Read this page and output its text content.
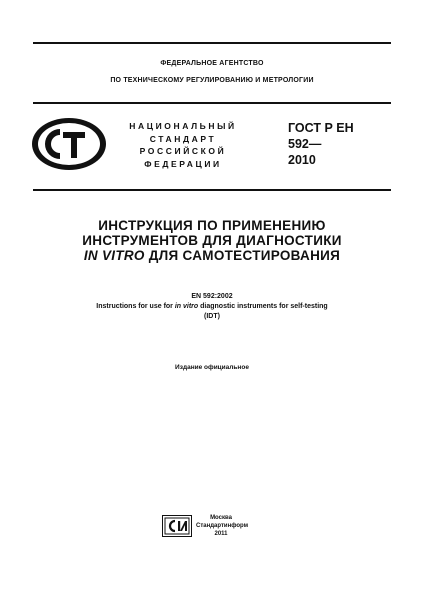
ФЕДЕРАЛЬНОЕ АГЕНТСТВО
ПО ТЕХНИЧЕСКОМУ РЕГУЛИРОВАНИЮ И МЕТРОЛОГИИ
НАЦИОНАЛЬНЫЙ
СТАНДАРТ
РОССИЙСКОЙ
ФЕДЕРАЦИИ
ГОСТ Р ЕН
592—
2010
ИНСТРУКЦИЯ ПО ПРИМЕНЕНИЮ
ИНСТРУМЕНТОВ ДЛЯ ДИАГНОСТИКИ
IN VITRO ДЛЯ САМОТЕСТИРОВАНИЯ
EN 592:2002
Instructions for use for in vitro diagnostic instruments for self-testing
(IDT)
Издание официальное
Москва
Стандартинформ
2011
